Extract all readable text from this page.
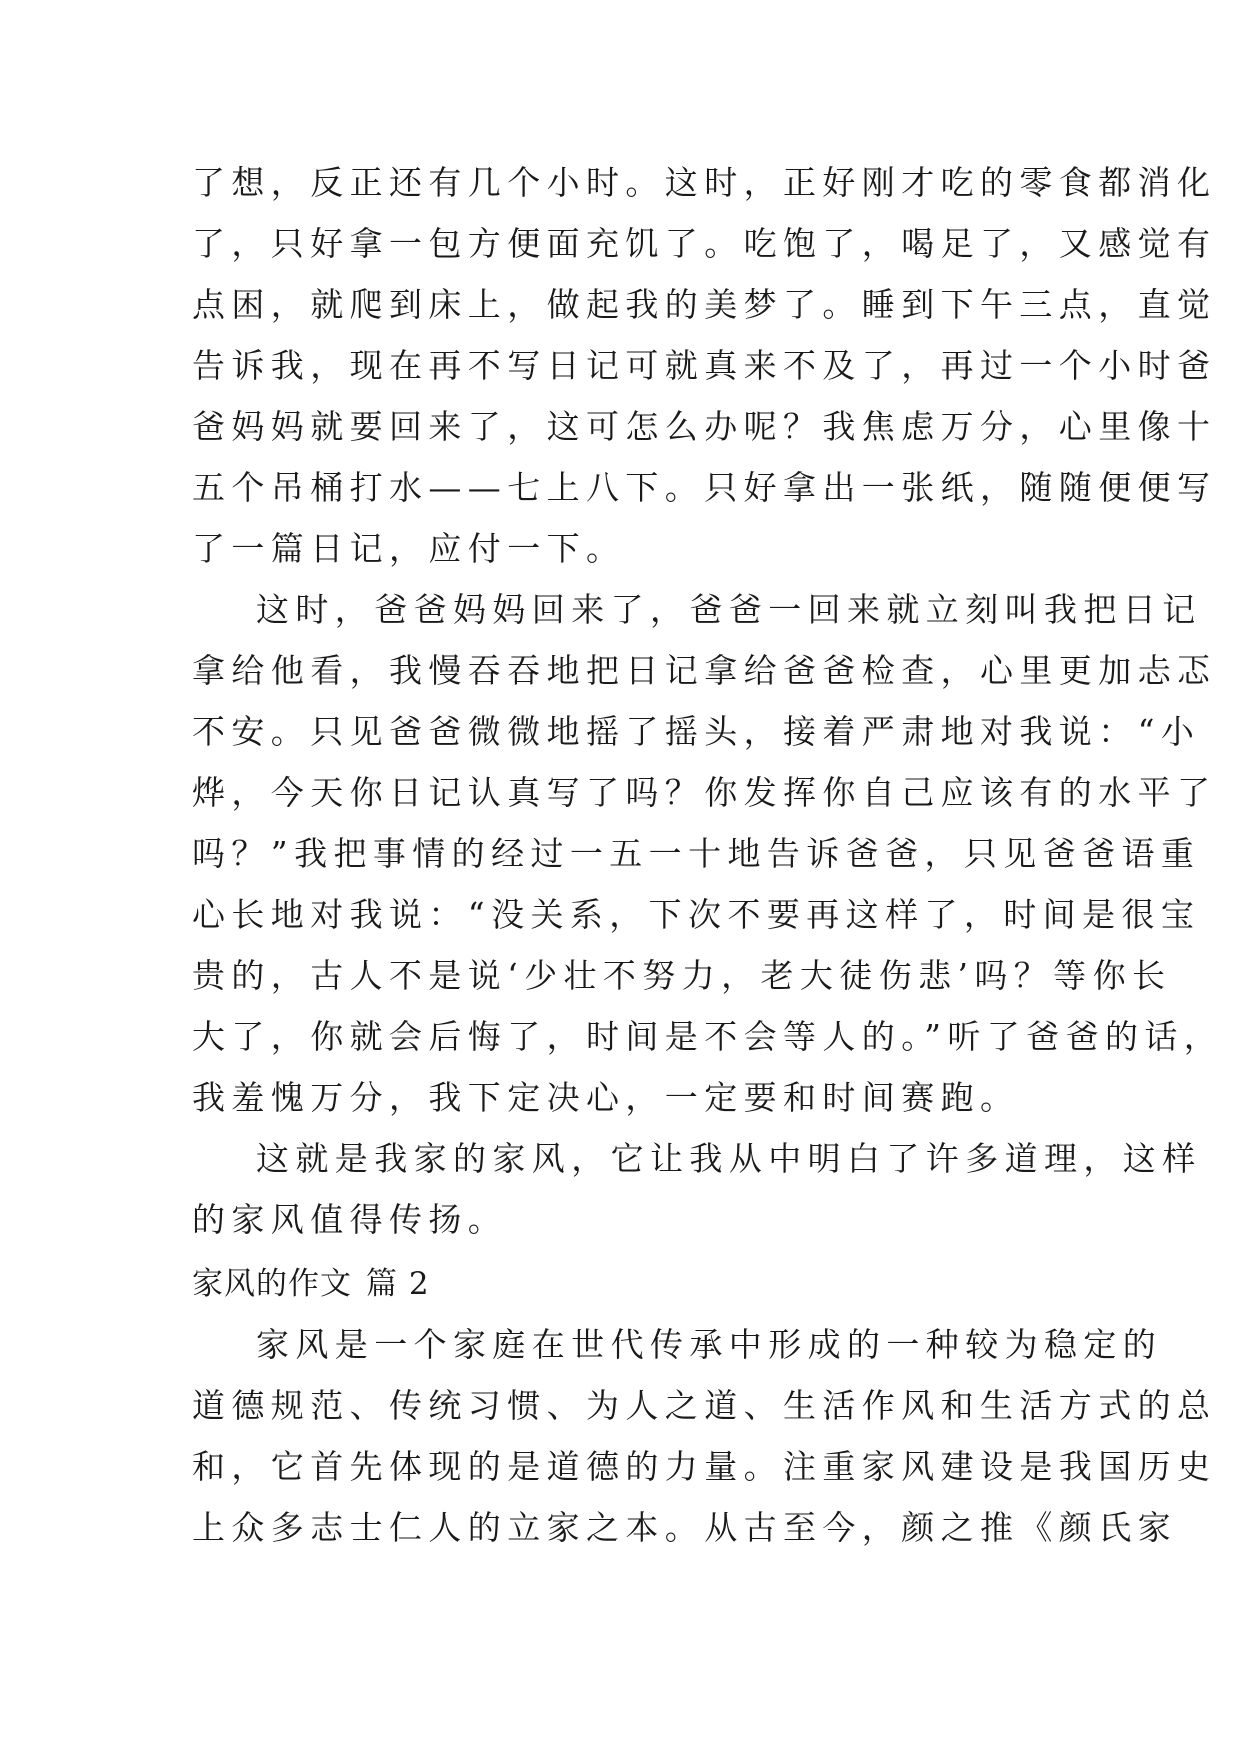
了想，反正还有几个小时。这时，正好刚才吃的零食都消化
了，只好拿一包方便面充饥了。吃饱了，喝足了，又感觉有
点困，就爬到床上，做起我的美梦了。睡到下午三点，直觉
告诉我，现在再不写日记可就真来不及了，再过一个小时爸
爸妈妈就要回来了，这可怎么办呢？我焦虑万分，心里像十
五个吊桶打水——七上八下。只好拿出一张纸，随随便便写
了一篇日记，应付一下。
这时，爸爸妈妈回来了，爸爸一回来就立刻叫我把日记
拿给他看，我慢吞吞地把日记拿给爸爸检查，心里更加忐忑
不安。只见爸爸微微地摇了摇头，接着严肃地对我说：“小
烨，今天你日记认真写了吗？你发挥你自己应该有的水平了
吗？”我把事情的经过一五一十地告诉爸爸，只见爸爸语重
心长地对我说：“没关系，下次不要再这样了，时间是很宝
贵的，古人不是说‘少壮不努力，老大徒伤悲’吗？等你长
大了，你就会后悔了，时间是不会等人的。”听了爸爸的话，
我羞愧万分，我下定决心，一定要和时间赛跑。
这就是我家的家风，它让我从中明白了许多道理，这样
的家风值得传扬。
家风的作文 篇 2
家风是一个家庭在世代传承中形成的一种较为稳定的
道德规范、传统习惯、为人之道、生活作风和生活方式的总
和，它首先体现的是道德的力量。注重家风建设是我国历史
上众多志士仁人的立家之本。从古至今，颜之推《颜氏家
